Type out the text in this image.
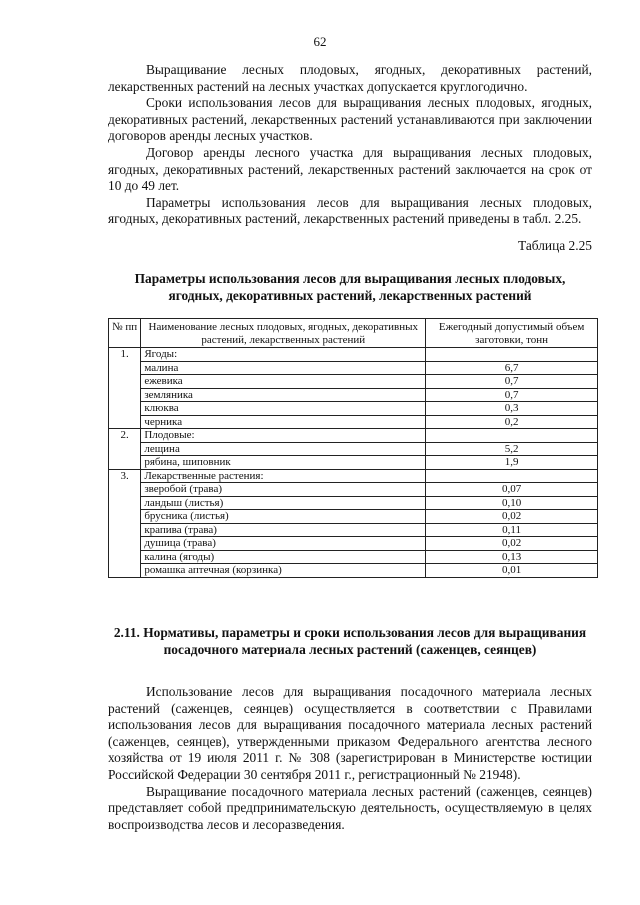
62

Выращивание лесных плодовых, ягодных, декоративных растений, лекарственных растений на лесных участках допускается круглогодично.

Сроки использования лесов для выращивания лесных плодовых, ягодных, декоративных растений, лекарственных растений устанавливаются при заключении договоров аренды лесных участков.

Договор аренды лесного участка для выращивания лесных плодовых, ягодных, декоративных растений, лекарственных растений заключается на срок от 10 до 49 лет.

Параметры использования лесов для выращивания лесных плодовых, ягодных, декоративных растений, лекарственных растений приведены в табл. 2.25.

Таблица 2.25
Параметры использования лесов для выращивания лесных плодовых, ягодных, декоративных растений, лекарственных растений
№ пп	Наименование лесных плодовых, ягодных, декоративных растений, лекарственных растений	Ежегодный допустимый объем заготовки, тонн
1.	Ягоды:	
	малина	6,7
	ежевика	0,7
	земляника	0,7
	клюква	0,3
	черника	0,2
2.	Плодовые:	
	лещина	5,2
	рябина, шиповник	1,9
3.	Лекарственные растения:	
	зверобой (трава)	0,07
	ландыш (листья)	0,10
	брусника (листья)	0,02
	крапива (трава)	0,11
	душица (трава)	0,02
	калина (ягоды)	0,13
	ромашка аптечная (корзинка)	0,01
2.11. Нормативы, параметры и сроки использования лесов для выращивания посадочного материала лесных растений (саженцев, сеянцев)

Использование лесов для выращивания посадочного материала лесных растений (саженцев, сеянцев) осуществляется в соответствии с Правилами использования лесов для выращивания посадочного материала лесных растений (саженцев, сеянцев), утвержденными приказом Федерального агентства лесного хозяйства от 19 июля 2011 г. № 308 (зарегистрирован в Министерстве юстиции Российской Федерации 30 сентября 2011 г., регистрационный № 21948).

Выращивание посадочного материала лесных растений (саженцев, сеянцев) представляет собой предпринимательскую деятельность, осуществляемую в целях воспроизводства лесов и лесоразведения.
